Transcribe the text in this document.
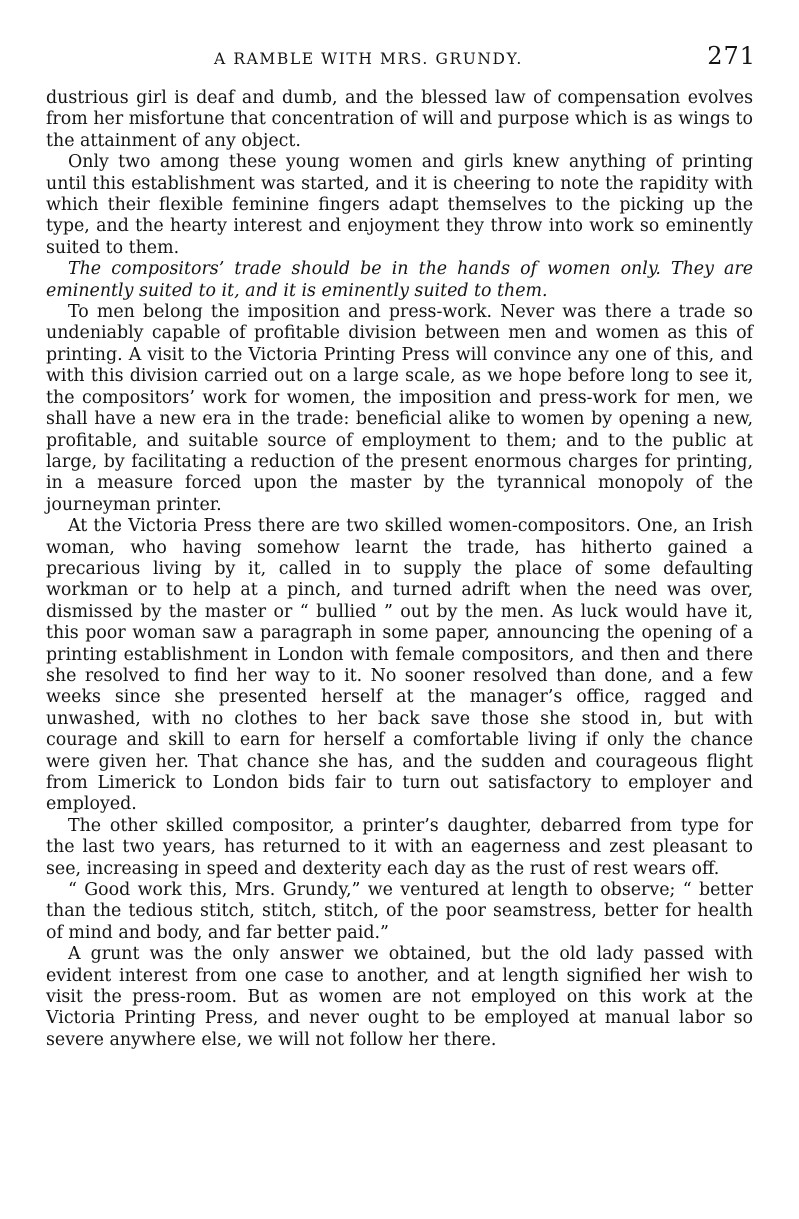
A RAMBLE WITH MRS. GRUNDY.	271

dustrious girl is deaf and dumb, and the blessed law of compensation evolves from her misfortune that concentration of will and purpose which is as wings to the attainment of any object.

Only two among these young women and girls knew anything of printing until this establishment was started, and it is cheering to note the rapidity with which their flexible feminine fingers adapt themselves to the picking up the type, and the hearty interest and enjoyment they throw into work so eminently suited to them.

The compositors’ trade should be in the hands of women only. They are eminently suited to it, and it is eminently suited to them.

To men belong the imposition and press-work. Never was there a trade so undeniably capable of profitable division between men and women as this of printing. A visit to the Victoria Printing Press will convince any one of this, and with this division carried out on a large scale, as we hope before long to see it, the compositors’ work for women, the imposition and press-work for men, we shall have a new era in the trade: beneficial alike to women by opening a new, profitable, and suitable source of employment to them; and to the public at large, by facilitating a reduction of the present enormous charges for printing, in a measure forced upon the master by the tyrannical monopoly of the journeyman printer.

At the Victoria Press there are two skilled women-compositors. One, an Irish woman, who having somehow learnt the trade, has hitherto gained a precarious living by it, called in to supply the place of some defaulting workman or to help at a pinch, and turned adrift when the need was over, dismissed by the master or “ bullied ” out by the men. As luck would have it, this poor woman saw a paragraph in some paper, announcing the opening of a printing establishment in London with female compositors, and then and there she resolved to find her way to it. No sooner resolved than done, and a few weeks since she presented herself at the manager’s office, ragged and unwashed, with no clothes to her back save those she stood in, but with courage and skill to earn for herself a comfortable living if only the chance were given her. That chance she has, and the sudden and courageous flight from Limerick to London bids fair to turn out satisfactory to employer and employed.

The other skilled compositor, a printer’s daughter, debarred from type for the last two years, has returned to it with an eagerness and zest pleasant to see, increasing in speed and dexterity each day as the rust of rest wears off.

“ Good work this, Mrs. Grundy,” we ventured at length to observe; “ better than the tedious stitch, stitch, stitch, of the poor seamstress, better for health of mind and body, and far better paid.”

A grunt was the only answer we obtained, but the old lady passed with evident interest from one case to another, and at length signified her wish to visit the press-room. But as women are not employed on this work at the Victoria Printing Press, and never ought to be employed at manual labor so severe anywhere else, we will not follow her there.
